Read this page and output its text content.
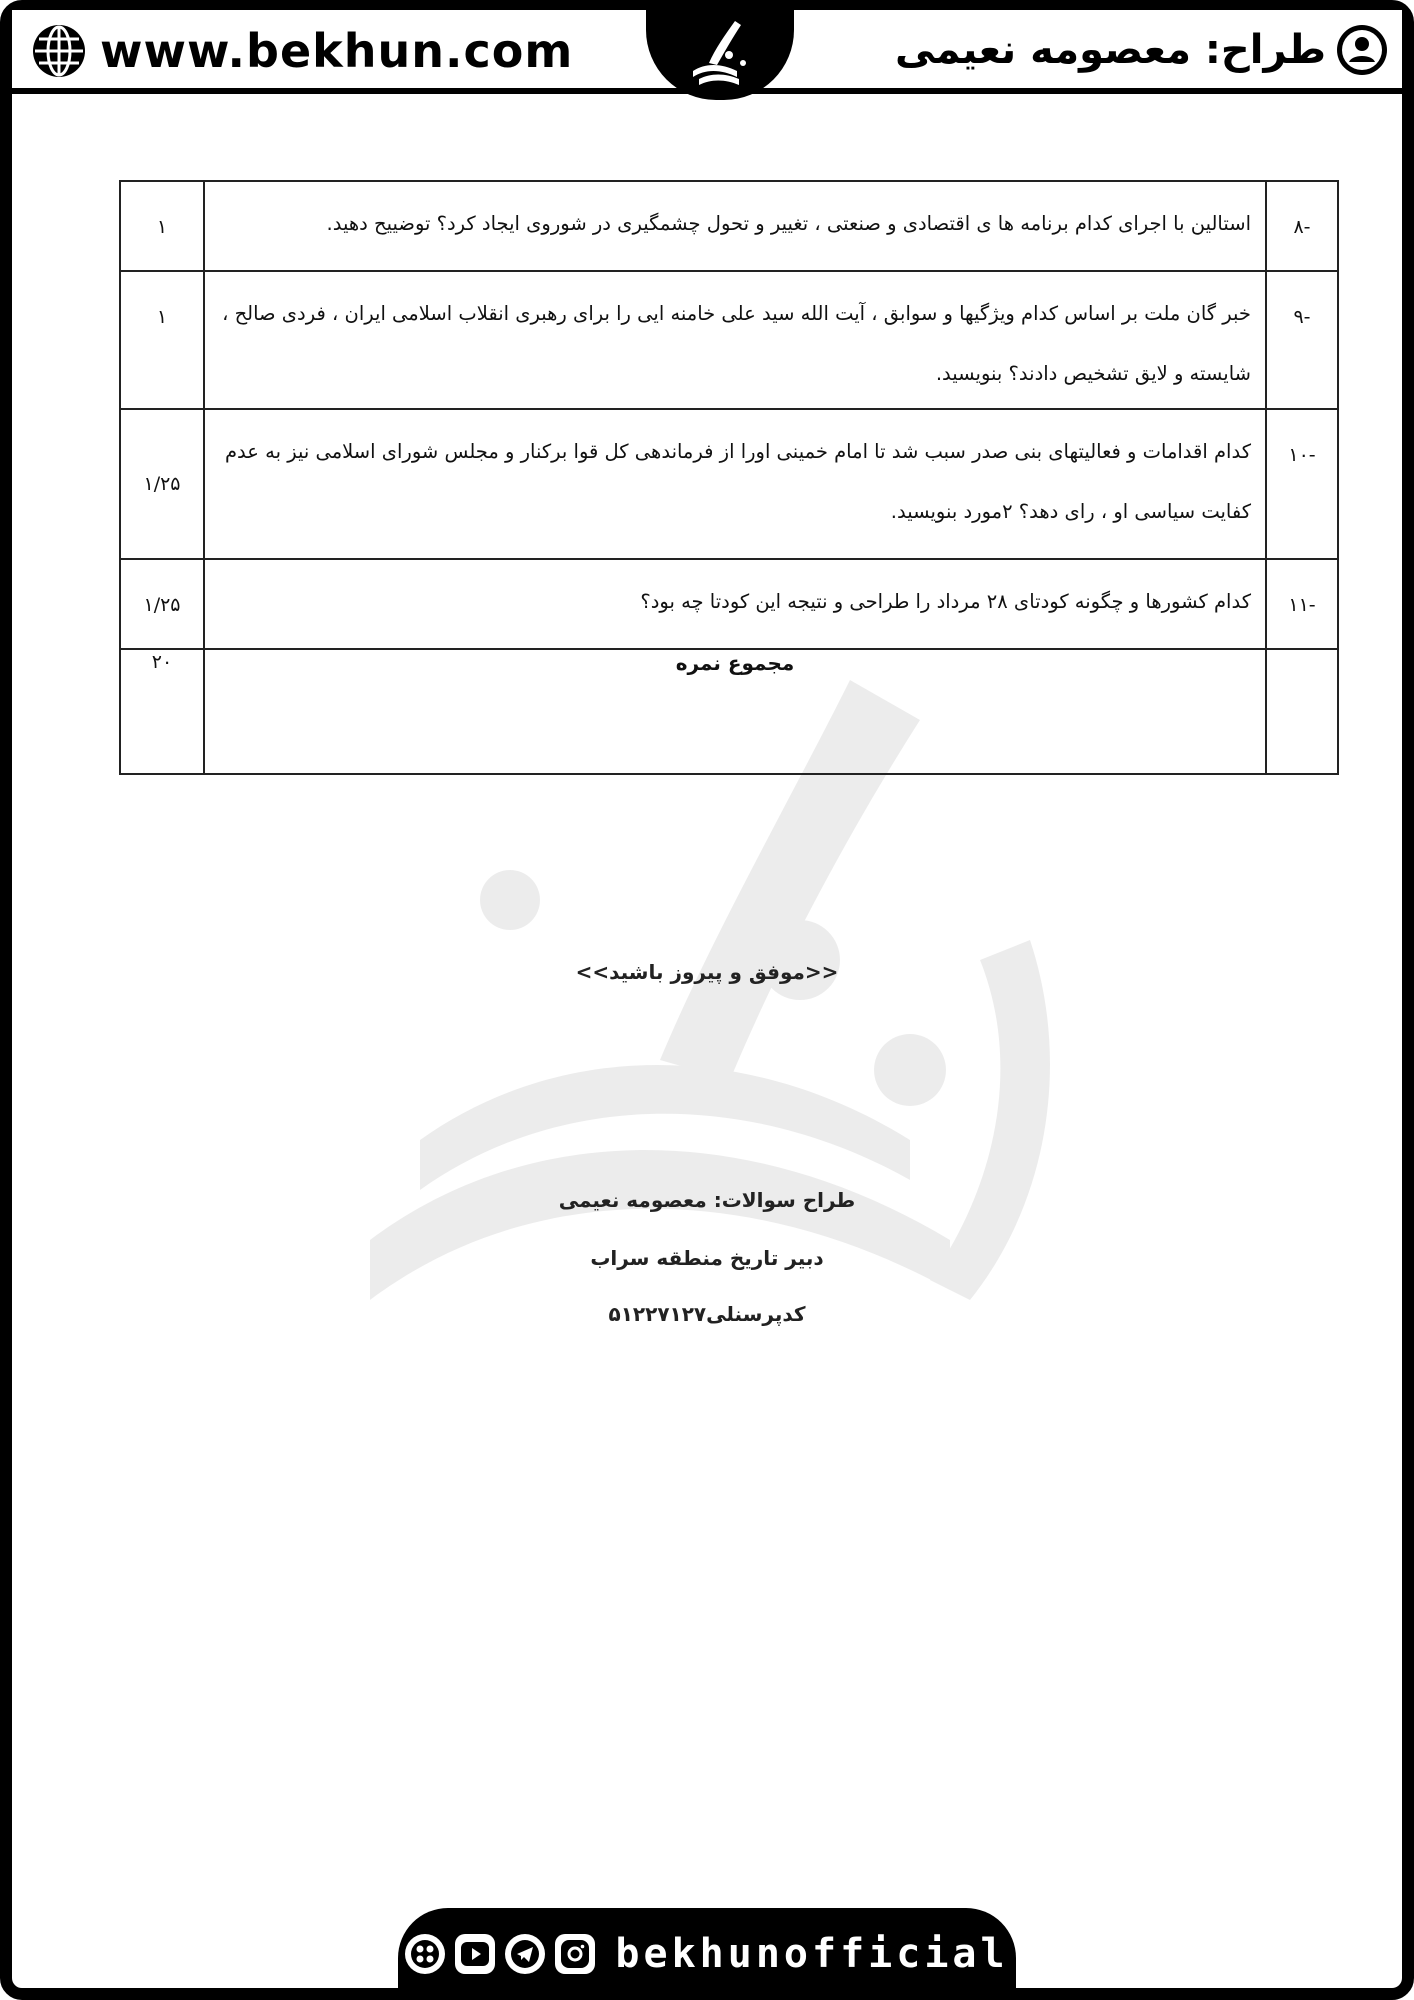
www.bekhun.com	طراح: معصومه نعیمی
-۸	استالین با اجرای کدام برنامه ها ی اقتصادی و صنعتی ، تغییر و تحول چشمگیری در شوروی ایجاد کرد؟ توضییح دهید.	۱
-۹	خبر گان ملت بر اساس کدام ویژگیها و سوابق ، آیت الله سید علی خامنه ایی را برای رهبری انقلاب اسلامی ایران ، فردی صالح ، شایسته و لایق تشخیص دادند؟ بنویسید.	۱
-۱۰	کدام اقدامات و فعالیتهای بنی صدر سبب شد تا امام خمینی اورا از فرماندهی کل قوا برکنار و مجلس شورای اسلامی نیز به عدم کفایت سیاسی او ، رای دهد؟ ۲مورد بنویسید.	۱/۲۵
-۱۱	کدام کشورها و چگونه کودتای ۲۸ مرداد را طراحی و نتیجه این کودتا چه بود؟	۱/۲۵
	مجموع نمره	۲۰
<<موفق و پیروز باشید>>
طراح سوالات: معصومه نعیمی
دبیر تاریخ منطقه سراب
کدپرسنلی۵۱۲۲۷۱۲۷
bekhunofficial
